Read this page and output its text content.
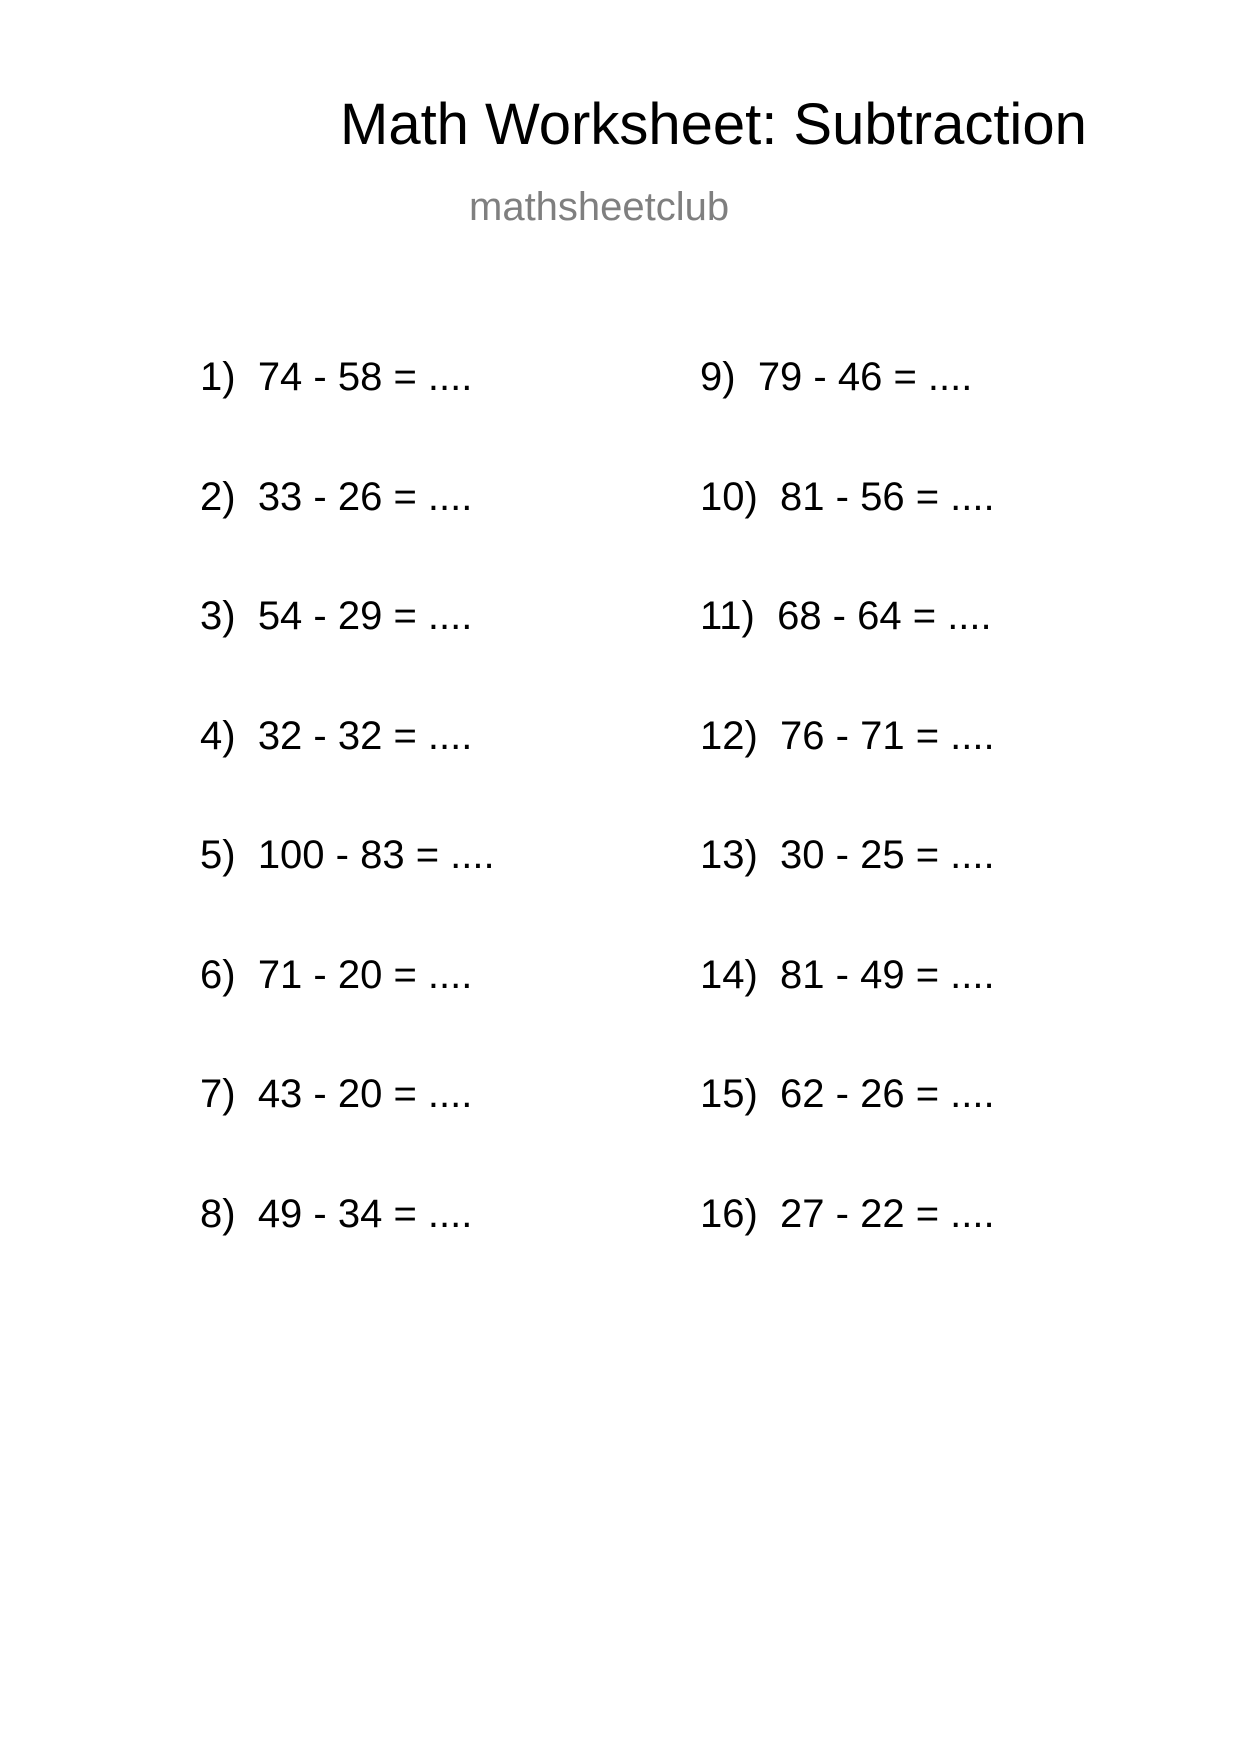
Math Worksheet: Subtraction
mathsheetclub
1) 74 - 58 = ....
2) 33 - 26 = ....
3) 54 - 29 = ....
4) 32 - 32 = ....
5) 100 - 83 = ....
6) 71 - 20 = ....
7) 43 - 20 = ....
8) 49 - 34 = ....
9) 79 - 46 = ....
10) 81 - 56 = ....
11) 68 - 64 = ....
12) 76 - 71 = ....
13) 30 - 25 = ....
14) 81 - 49 = ....
15) 62 - 26 = ....
16) 27 - 22 = ....
